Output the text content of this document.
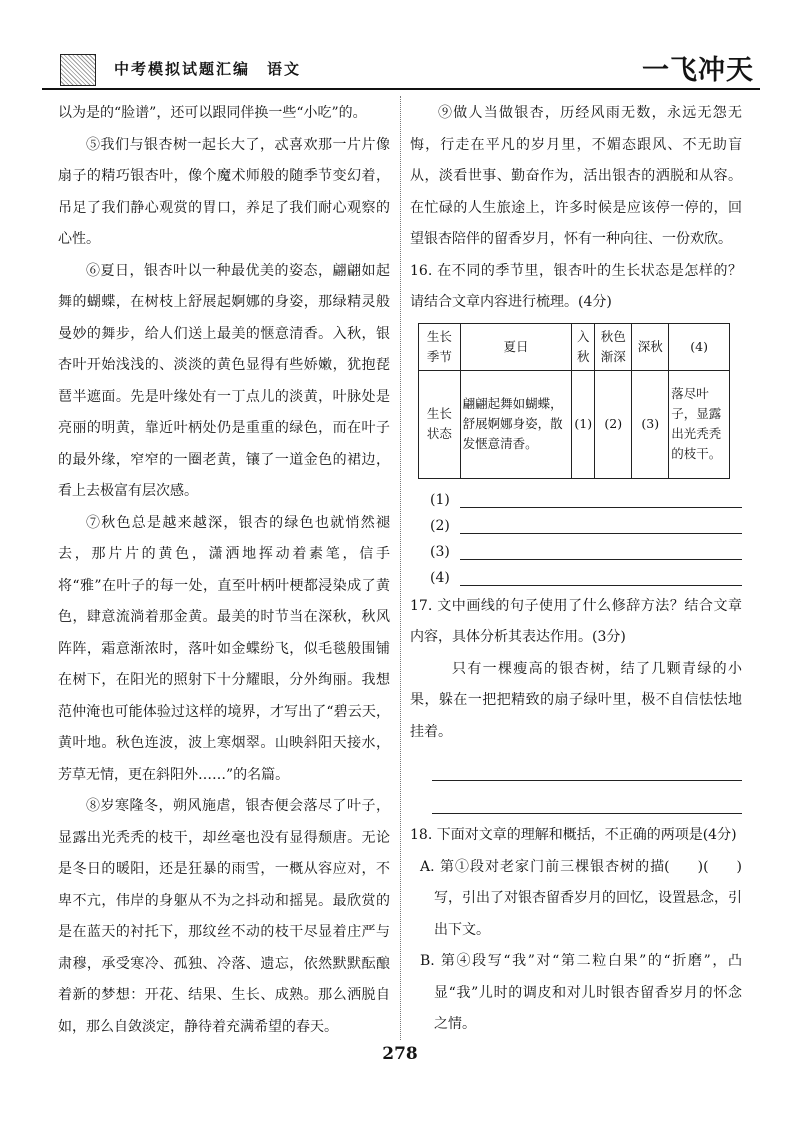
中考模拟试题汇编　语文	一飞冲天

以为是的“脸谱”，还可以跟同伴换一些“小吃”的。

⑤我们与银杏树一起长大了，忒喜欢那一片片像扇子的精巧银杏叶，像个魔术师般的随季节变幻着，吊足了我们静心观赏的胃口，养足了我们耐心观察的心性。

⑥夏日，银杏叶以一种最优美的姿态，翩翩如起舞的蝴蝶，在树枝上舒展起婀娜的身姿，那绿精灵般曼妙的舞步，给人们送上最美的惬意清香。入秋，银杏叶开始浅浅的、淡淡的黄色显得有些娇嫩，犹抱琵琶半遮面。先是叶缘处有一丁点儿的淡黄，叶脉处是亮丽的明黄，靠近叶柄处仍是重重的绿色，而在叶子的最外缘，窄窄的一圈老黄，镶了一道金色的裙边，看上去极富有层次感。

⑦秋色总是越来越深，银杏的绿色也就悄然褪去，那片片的黄色，潇洒地挥动着素笔，信手将“雅”在叶子的每一处，直至叶柄叶梗都浸染成了黄色，肆意流淌着那金黄。最美的时节当在深秋，秋风阵阵，霜意渐浓时，落叶如金蝶纷飞，似毛毯般围铺在树下，在阳光的照射下十分耀眼，分外绚丽。我想范仲淹也可能体验过这样的境界，才写出了“碧云天，黄叶地。秋色连波，波上寒烟翠。山映斜阳天接水，芳草无情，更在斜阳外……”的名篇。

⑧岁寒隆冬，朔风施虐，银杏便会落尽了叶子，显露出光秃秃的枝干，却丝毫也没有显得颓唐。无论是冬日的暖阳，还是狂暴的雨雪，一概从容应对，不卑不亢，伟岸的身躯从不为之抖动和摇晃。最欣赏的是在蓝天的衬托下，那纹丝不动的枝干尽显着庄严与肃穆，承受寒冷、孤独、冷落、遗忘，依然默默酝酿着新的梦想：开花、结果、生长、成熟。那么洒脱自如，那么自敛淡定，静待着充满希望的春天。

⑨做人当做银杏，历经风雨无数，永远无怨无悔，行走在平凡的岁月里，不媚态跟风、不无助盲从，淡看世事、勤奋作为，活出银杏的洒脱和从容。在忙碌的人生旅途上，许多时候是应该停一停的，回望银杏陪伴的留香岁月，怀有一种向往、一份欢欣。

16. 在不同的季节里，银杏叶的生长状态是怎样的？请结合文章内容进行梳理。(4分)

生长季节	夏日	入秋	秋色渐深	深秋	(4)
生长状态	翩翩起舞如蝴蝶，舒展婀娜身姿，散发惬意清香。	(1)	(2)	(3)	落尽叶子，显露出光秃秃的枝干。
(1)
(2)
(3)
(4)

17. 文中画线的句子使用了什么修辞方法？结合文章内容，具体分析其表达作用。(3分)

只有一棵瘦高的银杏树，结了几颗青绿的小果，躲在一把把精致的扇子绿叶里，极不自信怯怯地挂着。

18. 下面对文章的理解和概括，不正确的两项是(4分)
(　　)(　　)

A. 第①段对老家门前三棵银杏树的描写，引出了对银杏留香岁月的回忆，设置悬念，引出下文。

B. 第④段写“我”对“第二粒白果”的“折磨”，凸显“我”儿时的调皮和对儿时银杏留香岁月的怀念之情。

278
